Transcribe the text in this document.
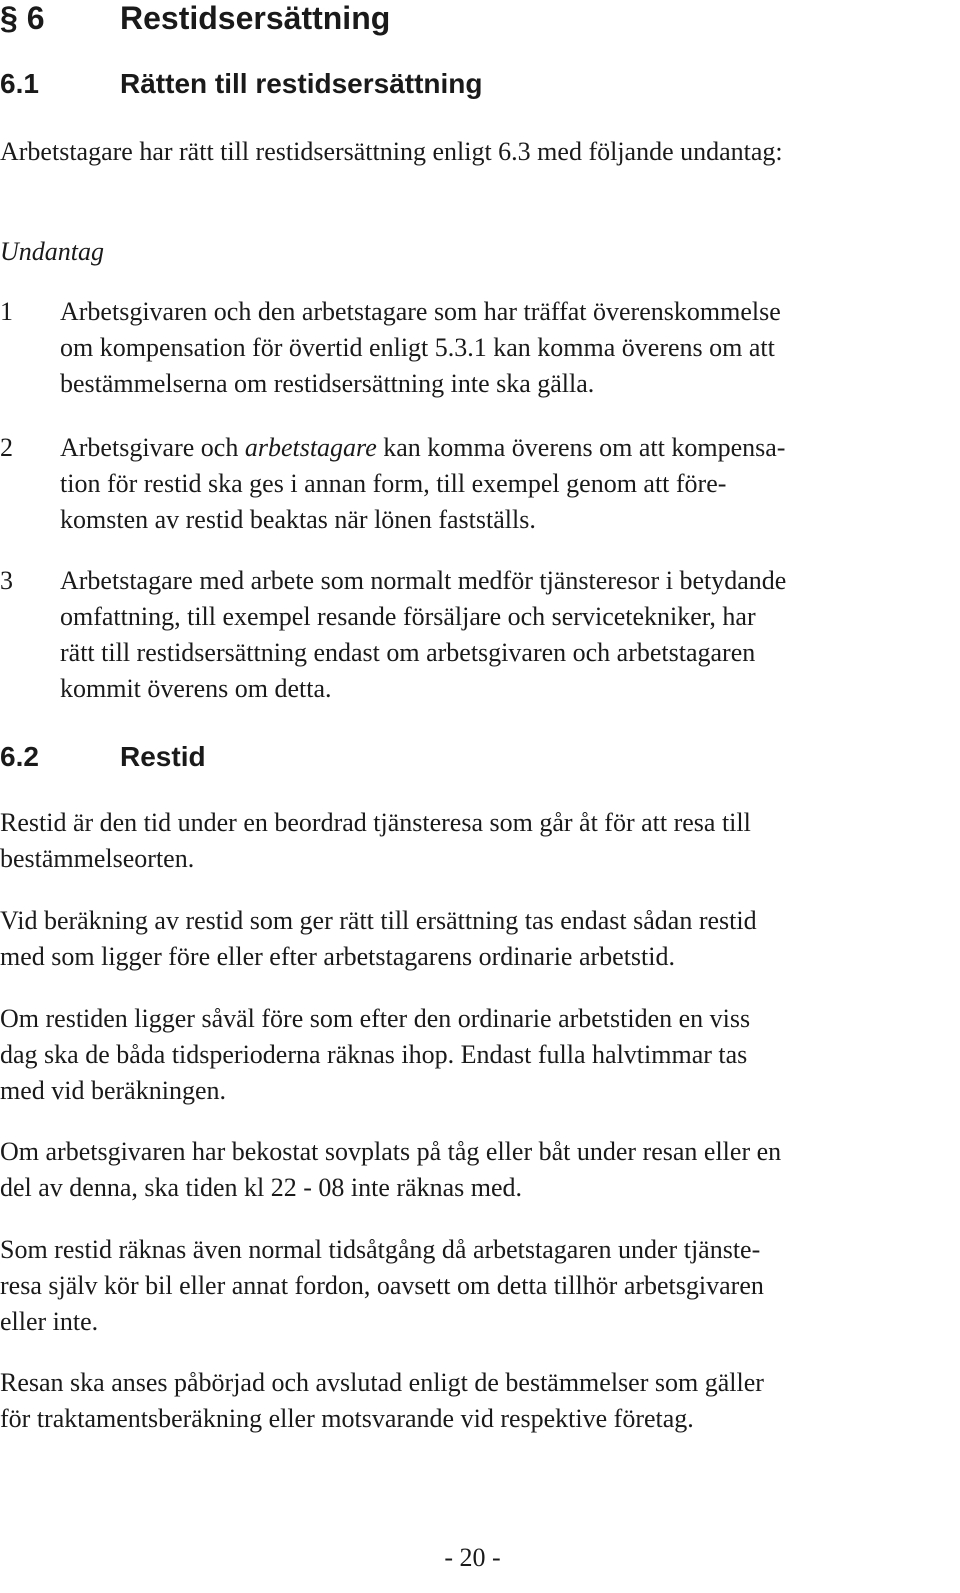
§ 6 Restidsersättning
6.1	Rätten till restidsersättning
Arbetstagare har rätt till restidsersättning enligt 6.3 med följande undantag:
Undantag
1 Arbetsgivaren och den arbetstagare som har träffat överenskommelse
om kompensation för övertid enligt 5.3.1 kan komma överens om att
bestämmelserna om restidsersättning inte ska gälla.
2 Arbetsgivare och arbetstagare kan komma överens om att kompensa-
tion för restid ska ges i annan form, till exempel genom att före-
komsten av restid beaktas när lönen fastställs.
3 Arbetstagare med arbete som normalt medför tjänsteresor i betydande
omfattning, till exempel resande försäljare och servicetekniker, har
rätt till restidsersättning endast om arbetsgivaren och arbetstagaren
kommit överens om detta.
6.2	Restid
Restid är den tid under en beordrad tjänsteresa som går åt för att resa till
bestämmelseorten.
Vid beräkning av restid som ger rätt till ersättning tas endast sådan restid
med som ligger före eller efter arbetstagarens ordinarie arbetstid.
Om restiden ligger såväl före som efter den ordinarie arbetstiden en viss
dag ska de båda tidsperioderna räknas ihop. Endast fulla halvtimmar tas
med vid beräkningen.
Om arbetsgivaren har bekostat sovplats på tåg eller båt under resan eller en
del av denna, ska tiden kl 22 - 08 inte räknas med.
Som restid räknas även normal tidsåtgång då arbetstagaren under tjänste-
resa själv kör bil eller annat fordon, oavsett om detta tillhör arbetsgivaren
eller inte.
Resan ska anses påbörjad och avslutad enligt de bestämmelser som gäller
för traktamentsberäkning eller motsvarande vid respektive företag.
- 20 -
